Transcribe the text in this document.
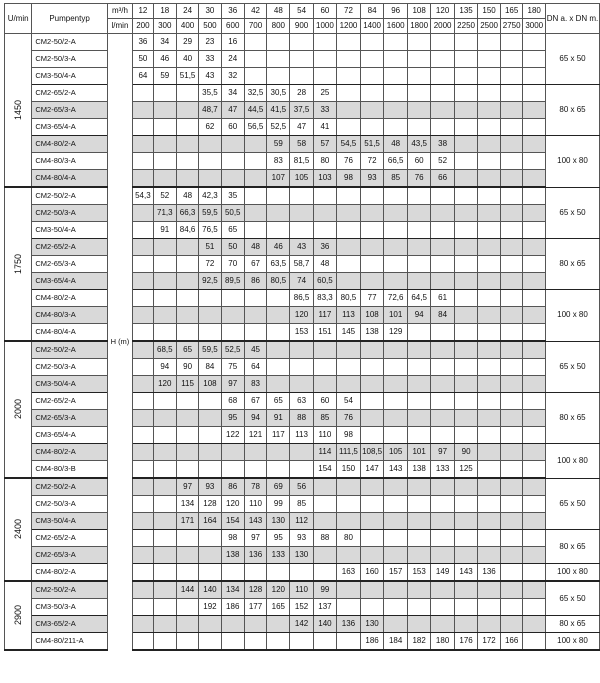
U/min	Pumpentyp	m³/h	12	18	24	30	36	42	48	54	60	72	84	96	108	120	135	150	165	180	DN a. x DN m.
		l/min	200	300	400	500	600	700	800	900	1000	1200	1400	1600	1800	2000	2250	2500	2750	3000	
1450	CM2-50/2-A	H (m)	36	34	29	23	16														65 x 50
	CM2-50/3-A		50	46	40	33	24														
	CM3-50/4-A		64	59	51,5	43	32														
	CM2-65/2-A					35,5	34	32,5	30,5	28	25										80 x 65
	CM2-65/3-A					48,7	47	44,5	41,5	37,5	33										
	CM3-65/4-A					62	60	56,5	52,5	47	41										
	CM4-80/2-A								59	58	57	54,5	51,5	48	43,5	38					100 x 80
	CM4-80/3-A								83	81,5	80	76	72	66,5	60	52					
	CM4-80/4-A								107	105	103	98	93	85	76	66					
1750	CM2-50/2-A		54,3	52	48	42,3	35														65 x 50
	CM2-50/3-A			71,3	66,3	59,5	50,5														
	CM3-50/4-A			91	84,6	76,5	65														
	CM2-65/2-A					51	50	48	46	43	36										80 x 65
	CM2-65/3-A					72	70	67	63,5	58,7	48										
	CM3-65/4-A					92,5	89,5	86	80,5	74	60,5										
	CM4-80/2-A									86,5	83,3	80,5	77	72,6	64,5	61					100 x 80
	CM4-80/3-A									120	117	113	108	101	94	84					
	CM4-80/4-A									153	151	145	138	129							
2000	CM2-50/2-A			68,5	65	59,5	52,5	45													65 x 50
	CM2-50/3-A			94	90	84	75	64													
	CM3-50/4-A			120	115	108	97	83													
	CM2-65/2-A						68	67	65	63	60	54									80 x 65
	CM2-65/3-A						95	94	91	88	85	76									
	CM3-65/4-A						122	121	117	113	110	98									
	CM4-80/2-A										114	111,5	108,5	105	101	97	90				100 x 80
	CM4-80/3-B										154	150	147	143	138	133	125				
2400	CM2-50/2-A				97	93	86	78	69	56											65 x 50
	CM2-50/3-A				134	128	120	110	99	85											
	CM3-50/4-A				171	164	154	143	130	112											
	CM2-65/2-A						98	97	95	93	88	80									80 x 65
	CM2-65/3-A						138	136	133	130											
	CM4-80/2-A											163	160	157	153	149	143	136			100 x 80
2900	CM2-50/2-A				144	140	134	128	120	110	99										65 x 50
	CM3-50/3-A					192	186	177	165	152	137										
	CM3-65/2-A									142	140	136	130								80 x 65
	CM4-80/211-A												186	184	182	180	176	172	166		100 x 80
